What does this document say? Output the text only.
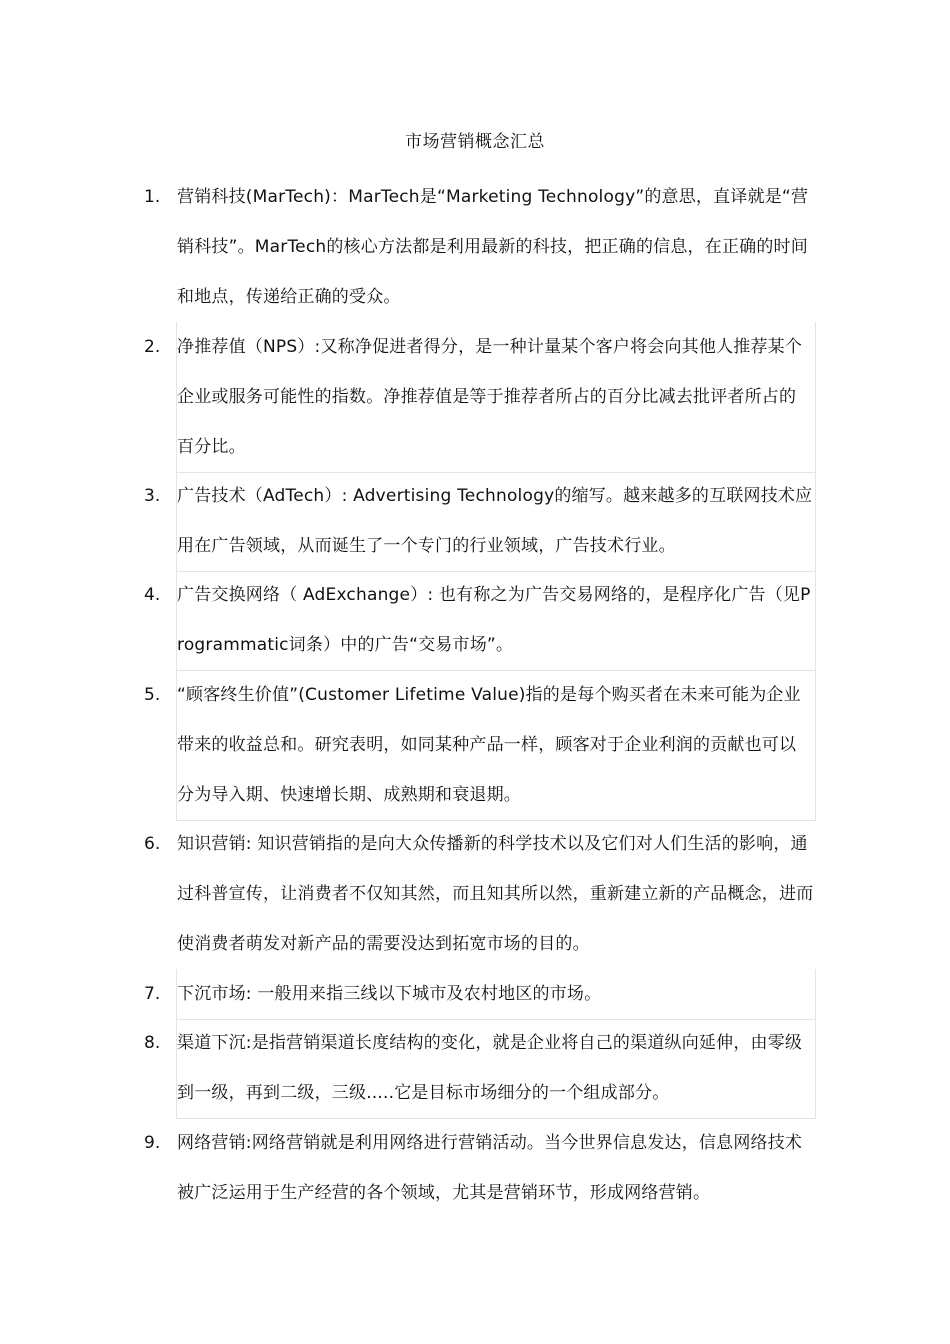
市场营销概念汇总
1. 营销科技(MarTech)：MarTech是“Marketing Technology”的意思，直译就是“营销科技”。MarTech的核心方法都是利用最新的科技，把正确的信息，在正确的时间和地点，传递给正确的受众。
2. 净推荐值（NPS）:又称净促进者得分，是一种计量某个客户将会向其他人推荐某个企业或服务可能性的指数。净推荐值是等于推荐者所占的百分比减去批评者所占的百分比。
3. 广告技术（AdTech）: Advertising Technology的缩写。越来越多的互联网技术应用在广告领域，从而诞生了一个专门的行业领域，广告技术行业。
4. 广告交换网络（ AdExchange）: 也有称之为广告交易网络的，是程序化广告（见Programmatic词条）中的广告“交易市场”。
5. “顾客终生价值”(Customer Lifetime Value)指的是每个购买者在未来可能为企业带来的收益总和。研究表明，如同某种产品一样，顾客对于企业利润的贡献也可以分为导入期、快速增长期、成熟期和衰退期。
6. 知识营销: 知识营销指的是向大众传播新的科学技术以及它们对人们生活的影响，通过科普宣传，让消费者不仅知其然，而且知其所以然，重新建立新的产品概念，进而使消费者萌发对新产品的需要没达到拓宽市场的目的。
7. 下沉市场: 一般用来指三线以下城市及农村地区的市场。
8. 渠道下沉:是指营销渠道长度结构的变化，就是企业将自己的渠道纵向延伸，由零级到一级，再到二级，三级.....它是目标市场细分的一个组成部分。
9. 网络营销:网络营销就是利用网络进行营销活动。当今世界信息发达，信息网络技术被广泛运用于生产经营的各个领域，尤其是营销环节，形成网络营销。
